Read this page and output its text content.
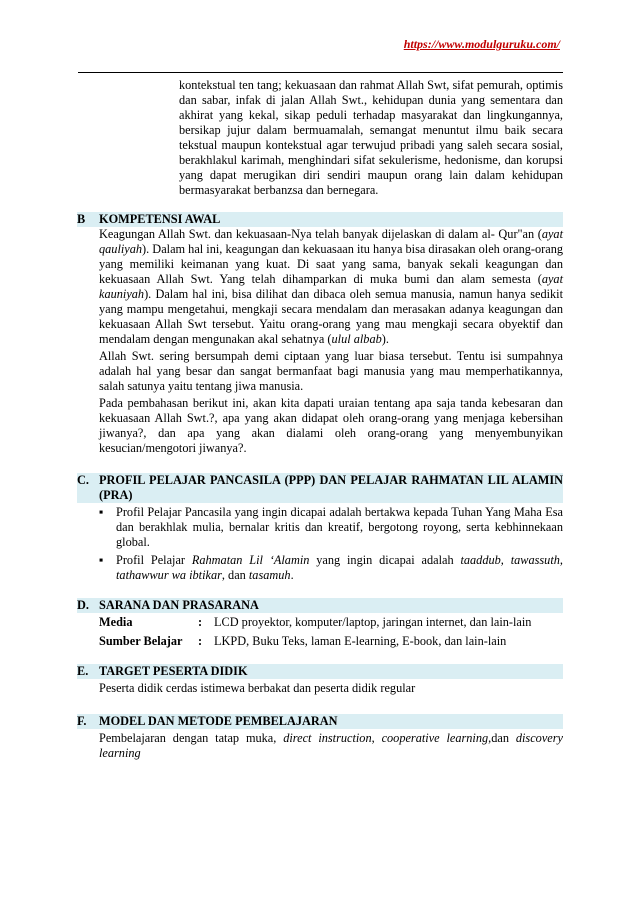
https://www.modulguruku.com/

kontekstual ten tang; kekuasaan dan rahmat Allah Swt, sifat pemurah, optimis dan sabar, infak di jalan Allah Swt., kehidupan dunia yang sementara dan akhirat yang kekal, sikap peduli terhadap masyarakat dan lingkungannya, bersikap jujur dalam bermuamalah, semangat menuntut ilmu baik secara tekstual maupun kontekstual agar terwujud pribadi yang saleh secara sosial, berakhlakul karimah, menghindari sifat sekulerisme, hedonisme, dan korupsi yang dapat merugikan diri sendiri maupun orang lain dalam kehidupan bermasyarakat berbanzsa dan bernegara.

B	KOMPETENSI AWAL

Keagungan Allah Swt. dan kekuasaan-Nya telah banyak dijelaskan di dalam al- Qur"an (ayat qauliyah). Dalam hal ini, keagungan dan kekuasaan itu hanya bisa dirasakan oleh orang-orang yang memiliki keimanan yang kuat. Di saat yang sama, banyak sekali keagungan dan kekuasaan Allah Swt. Yang telah dihamparkan di muka bumi dan alam semesta (ayat kauniyah). Dalam hal ini, bisa dilihat dan dibaca oleh semua manusia, namun hanya sedikit yang mampu mengetahui, mengkaji secara mendalam dan merasakan adanya keagungan dan kekuasaan Allah Swt tersebut. Yaitu orang-orang yang mau mengkaji secara obyektif dan mendalam dengan mengunakan akal sehatnya (ulul albab).

Allah Swt. sering bersumpah demi ciptaan yang luar biasa tersebut. Tentu isi sumpahnya adalah hal yang besar dan sangat bermanfaat bagi manusia yang mau memperhatikannya, salah satunya yaitu tentang jiwa manusia.

Pada pembahasan berikut ini, akan kita dapati uraian tentang apa saja tanda kebesaran dan kekuasaan Allah Swt.?, apa yang akan didapat oleh orang-orang yang menjaga kebersihan jiwanya?, dan apa yang akan dialami oleh orang-orang yang menyembunyikan kesucian/mengotori jiwanya?.

C. PROFIL PELAJAR PANCASILA (PPP) DAN PELAJAR RAHMATAN LIL ALAMIN (PRA)
▪ Profil Pelajar Pancasila yang ingin dicapai adalah bertakwa kepada Tuhan Yang Maha Esa dan berakhlak mulia, bernalar kritis dan kreatif, bergotong royong, serta kebhinnekaan global.
▪ Profil Pelajar Rahmatan Lil ‘Alamin yang ingin dicapai adalah taaddub, tawassuth, tathawwur wa ibtikar, dan tasamuh.
D. SARANA DAN PRASARANA
Media	: LCD proyektor, komputer/laptop, jaringan internet, dan lain-lain
Sumber Belajar	: LKPD, Buku Teks, laman E-learning, E-book, dan lain-lain
E. TARGET PESERTA DIDIK

Peserta didik cerdas istimewa berbakat dan peserta didik regular

F.	MODEL DAN METODE PEMBELAJARAN

Pembelajaran dengan tatap muka, direct instruction, cooperative learning,dan discovery learning
